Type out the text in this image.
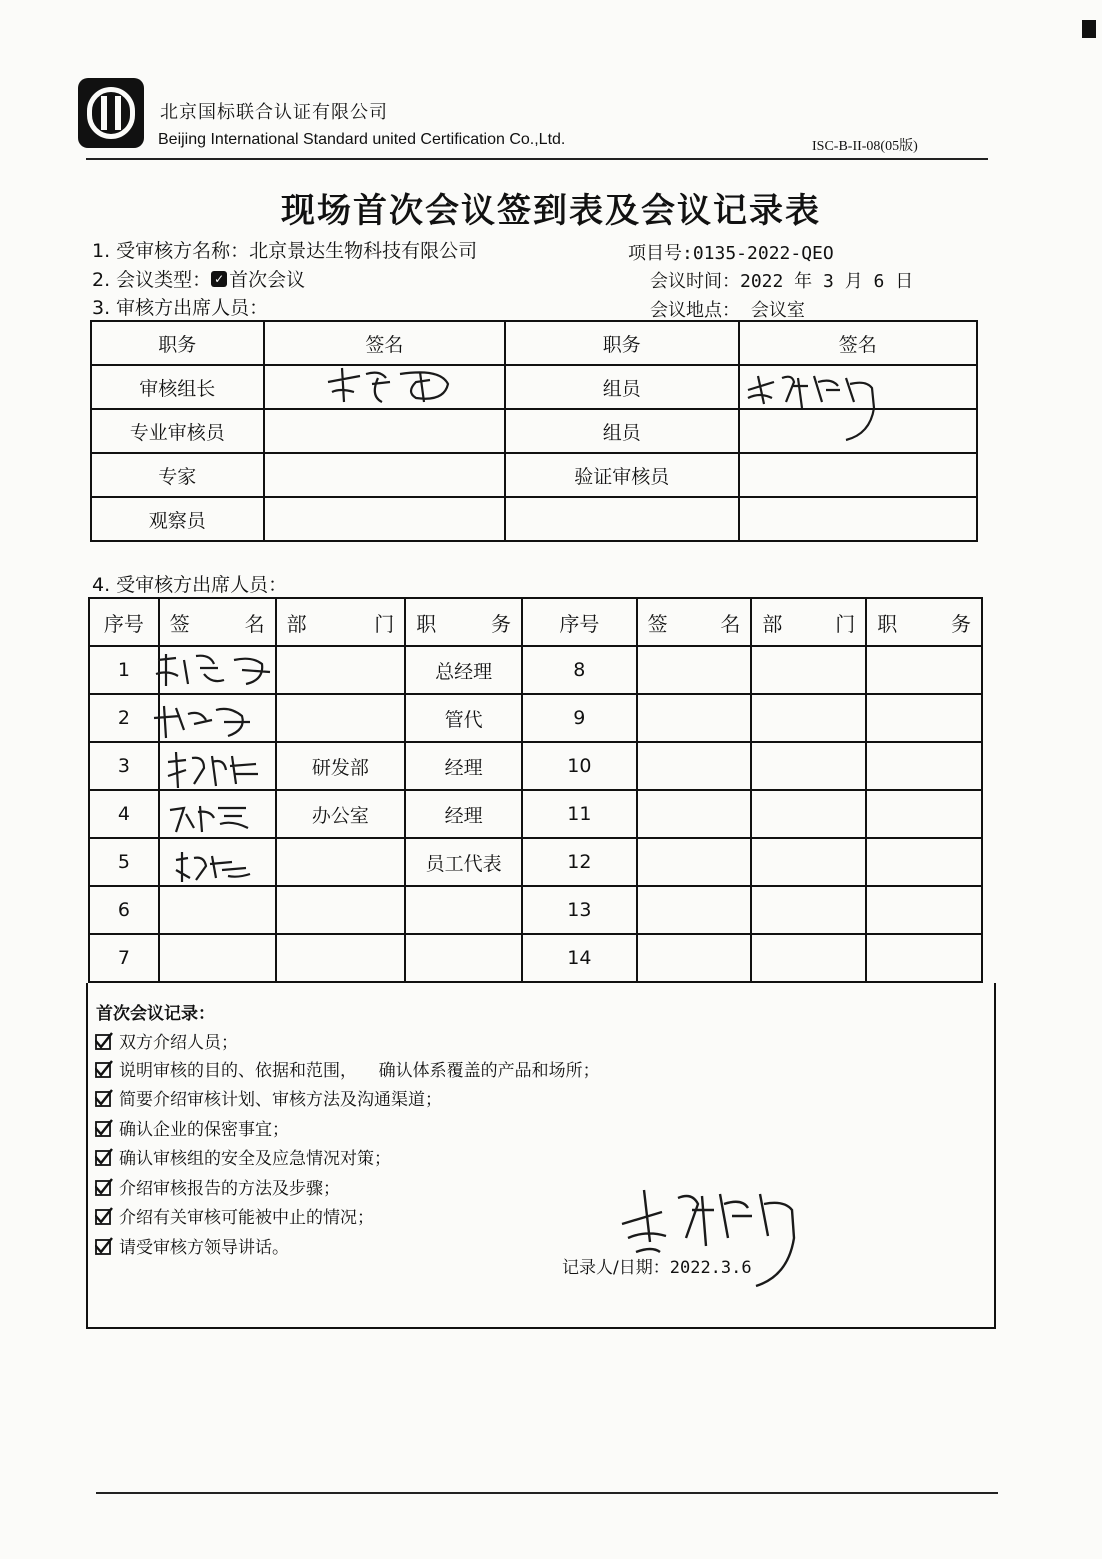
北京国标联合认证有限公司
Beijing International Standard united Certification Co.,Ltd.	ISC-B-II-08(05版)
现场首次会议签到表及会议记录表
1. 受审核方名称：北京景达生物科技有限公司	项目号:0135-2022-QEO
2. 会议类型： ✓ 首次会议	会议时间：2022 年 3 月 6 日
3. 审核方出席人员：	会议地点： 会议室
职务	签名	职务	签名
审核组长		组员	
专业审核员		组员	
专家		验证审核员	
观察员			
4. 受审核方出席人员：
序号	签 名	部 门	职 务	序号	签 名	部 门	职 务

1			总经理	8			
2			管代	9			
3		研发部	经理	10			
4		办公室	经理	11			
5			员工代表	12			
6				13			
7				14			
首次会议记录：
双方介绍人员；
说明审核的目的、依据和范围，    确认体系覆盖的产品和场所；
简要介绍审核计划、审核方法及沟通渠道；
确认企业的保密事宜；
确认审核组的安全及应急情况对策；
介绍审核报告的方法及步骤；
介绍有关审核可能被中止的情况；
请受审核方领导讲话。
记录人/日期：2022.3.6
